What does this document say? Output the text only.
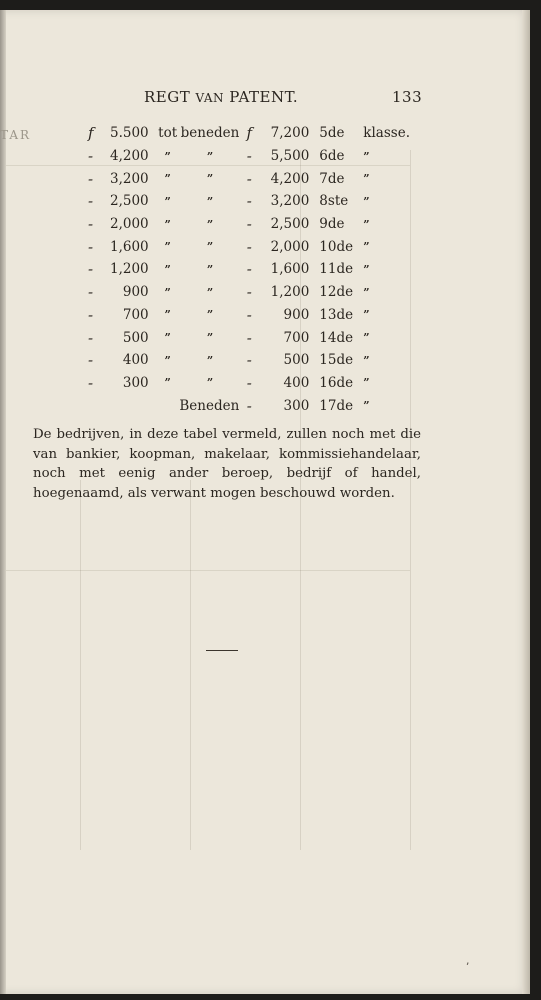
REGT VAN PATENT.	133
TAR	f	5.500	tot	beneden	f	7,200	5de	klasse.
-	4,200	”	”	-	5,500	6de	”
-	3,200	”	”	-	4,200	7de	”
-	2,500	”	”	-	3,200	8ste	”
-	2,000	”	”	-	2,500	9de	”
-	1,600	”	”	-	2,000	10de	”
-	1,200	”	”	-	1,600	11de	”
-	900	”	”	-	1,200	12de	”
-	700	”	”	-	900	13de	”
-	500	”	”	-	700	14de	”
-	400	”	”	-	500	15de	”
-	300	”	”	-	400	16de	”
		Beneden		-	300	17de	”
De bedrijven, in deze tabel vermeld, zullen noch met die van bankier, koopman, makelaar, kommissiehandelaar, noch met eenig ander beroep, bedrijf of handel, hoegenaamd, als verwant mogen beschouwd worden.
’
